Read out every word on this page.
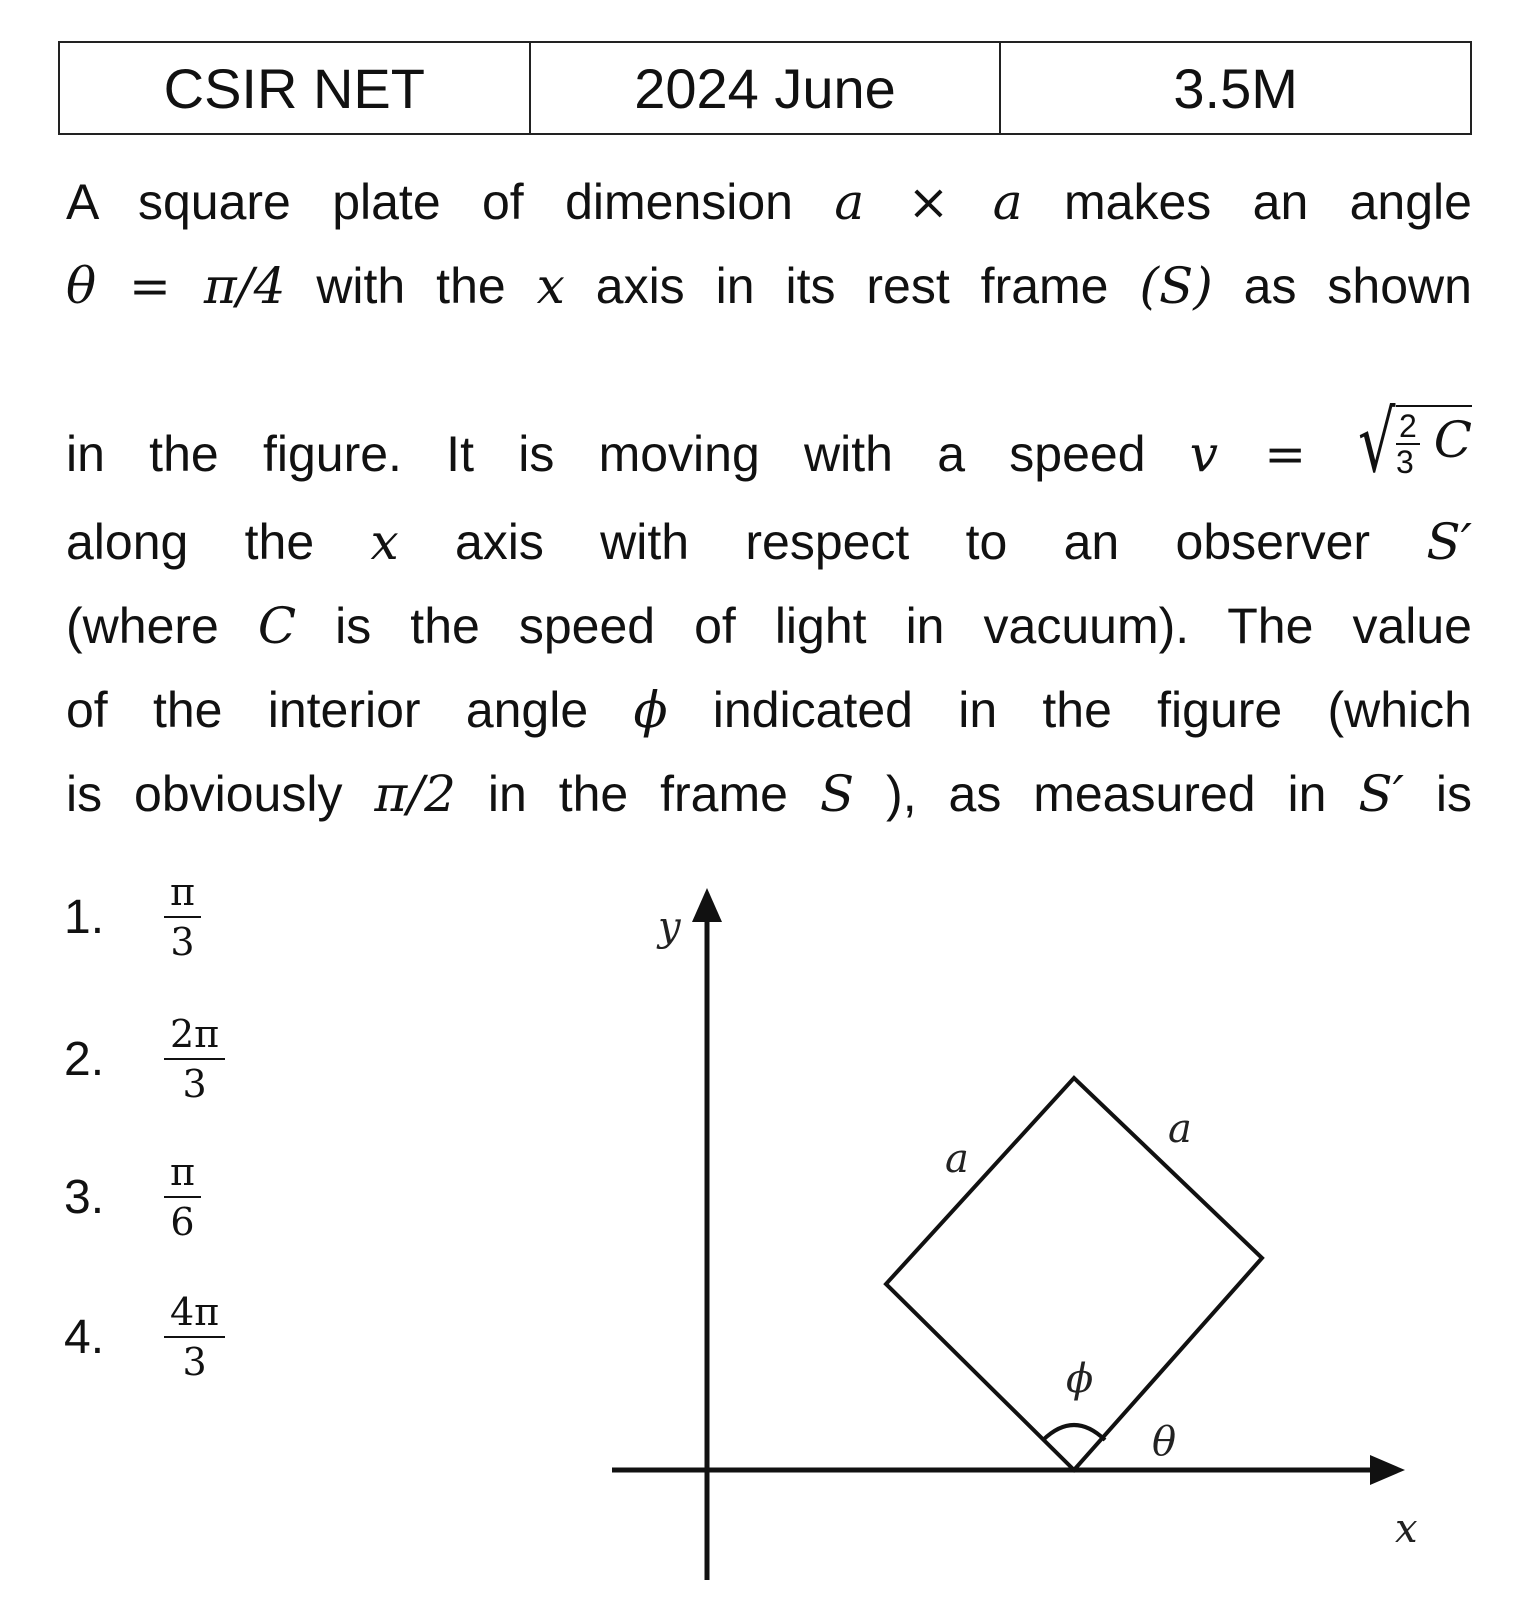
CSIR NET	2024 June	3.5M
A square plate of dimension a × a makes an angle
θ = π/4 with the x axis in its rest frame (S) as shown
in the figure. It is moving with a speed v = √ $\frac{2}{3}$ C
along the x axis with respect to an observer S′
(where C is the speed of light in vacuum). The value
of the interior angle ϕ indicated in the figure (which
is obviously π/2 in the frame S ), as measured in S′ is
1.	$\frac{\pi}{3}$
2.	$\frac{2\pi}{3}$
3.	$\frac{\pi}{6}$
4.	$\frac{4\pi}{3}$
y
x
a
a
ϕ
θ
